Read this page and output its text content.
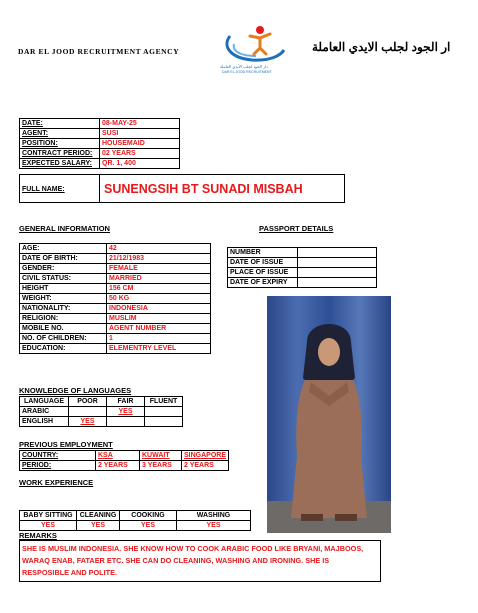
DAR EL JOOD RECRUITMENT AGENCY
دار الجود لجلب الأيدي العاملة
DAR EL JOOD RECRUITMENT
ار الجود لجلب الايدي العاملة
DATE:	08-MAY-25
AGENT:	SUSI
POSITION:	HOUSEMAID
CONTRACT PERIOD:	02 YEARS
EXPECTED SALARY:	QR. 1, 400
FULL NAME:	SUNENGSIH BT SUNADI MISBAH
GENERAL INFORMATION	PASSPORT DETAILS
AGE:	42
DATE OF BIRTH:	21/12/1983
GENDER:	FEMALE
CIVIL STATUS:	MARRIED
HEIGHT	156 CM
WEIGHT:	50 KG
NATIONALITY:	INDONESIA
RELIGION:	MUSLIM
MOBILE NO.	AGENT NUMBER
NO. OF CHILDREN:	1
EDUCATION:	ELEMENTRY LEVEL
NUMBER	
DATE OF ISSUE	
PLACE OF ISSUE	
DATE OF EXPIRY	
KNOWLEDGE OF LANGUAGES
LANGUAGE	POOR	FAIR	FLUENT
ARABIC		YES	
ENGLISH	YES		
PREVIOUS EMPLOYMENT
COUNTRY:	KSA	KUWAIT	SINGAPORE
PERIOD:	2 YEARS	3 YEARS	2 YEARS
WORK EXPERIENCE
BABY SITTING	CLEANING	COOKING	WASHING
YES	YES	YES	YES
REMARKS
SHE IS MUSLIM INDONESIA. SHE KNOW HOW TO COOK ARABIC FOOD LIKE BRYANI, MAJBOOS, WARAQ ENAB, FATAER ETC. SHE CAN DO CLEANING, WASHING AND IRONING. SHE IS RESPOSIBLE AND POLITE.
